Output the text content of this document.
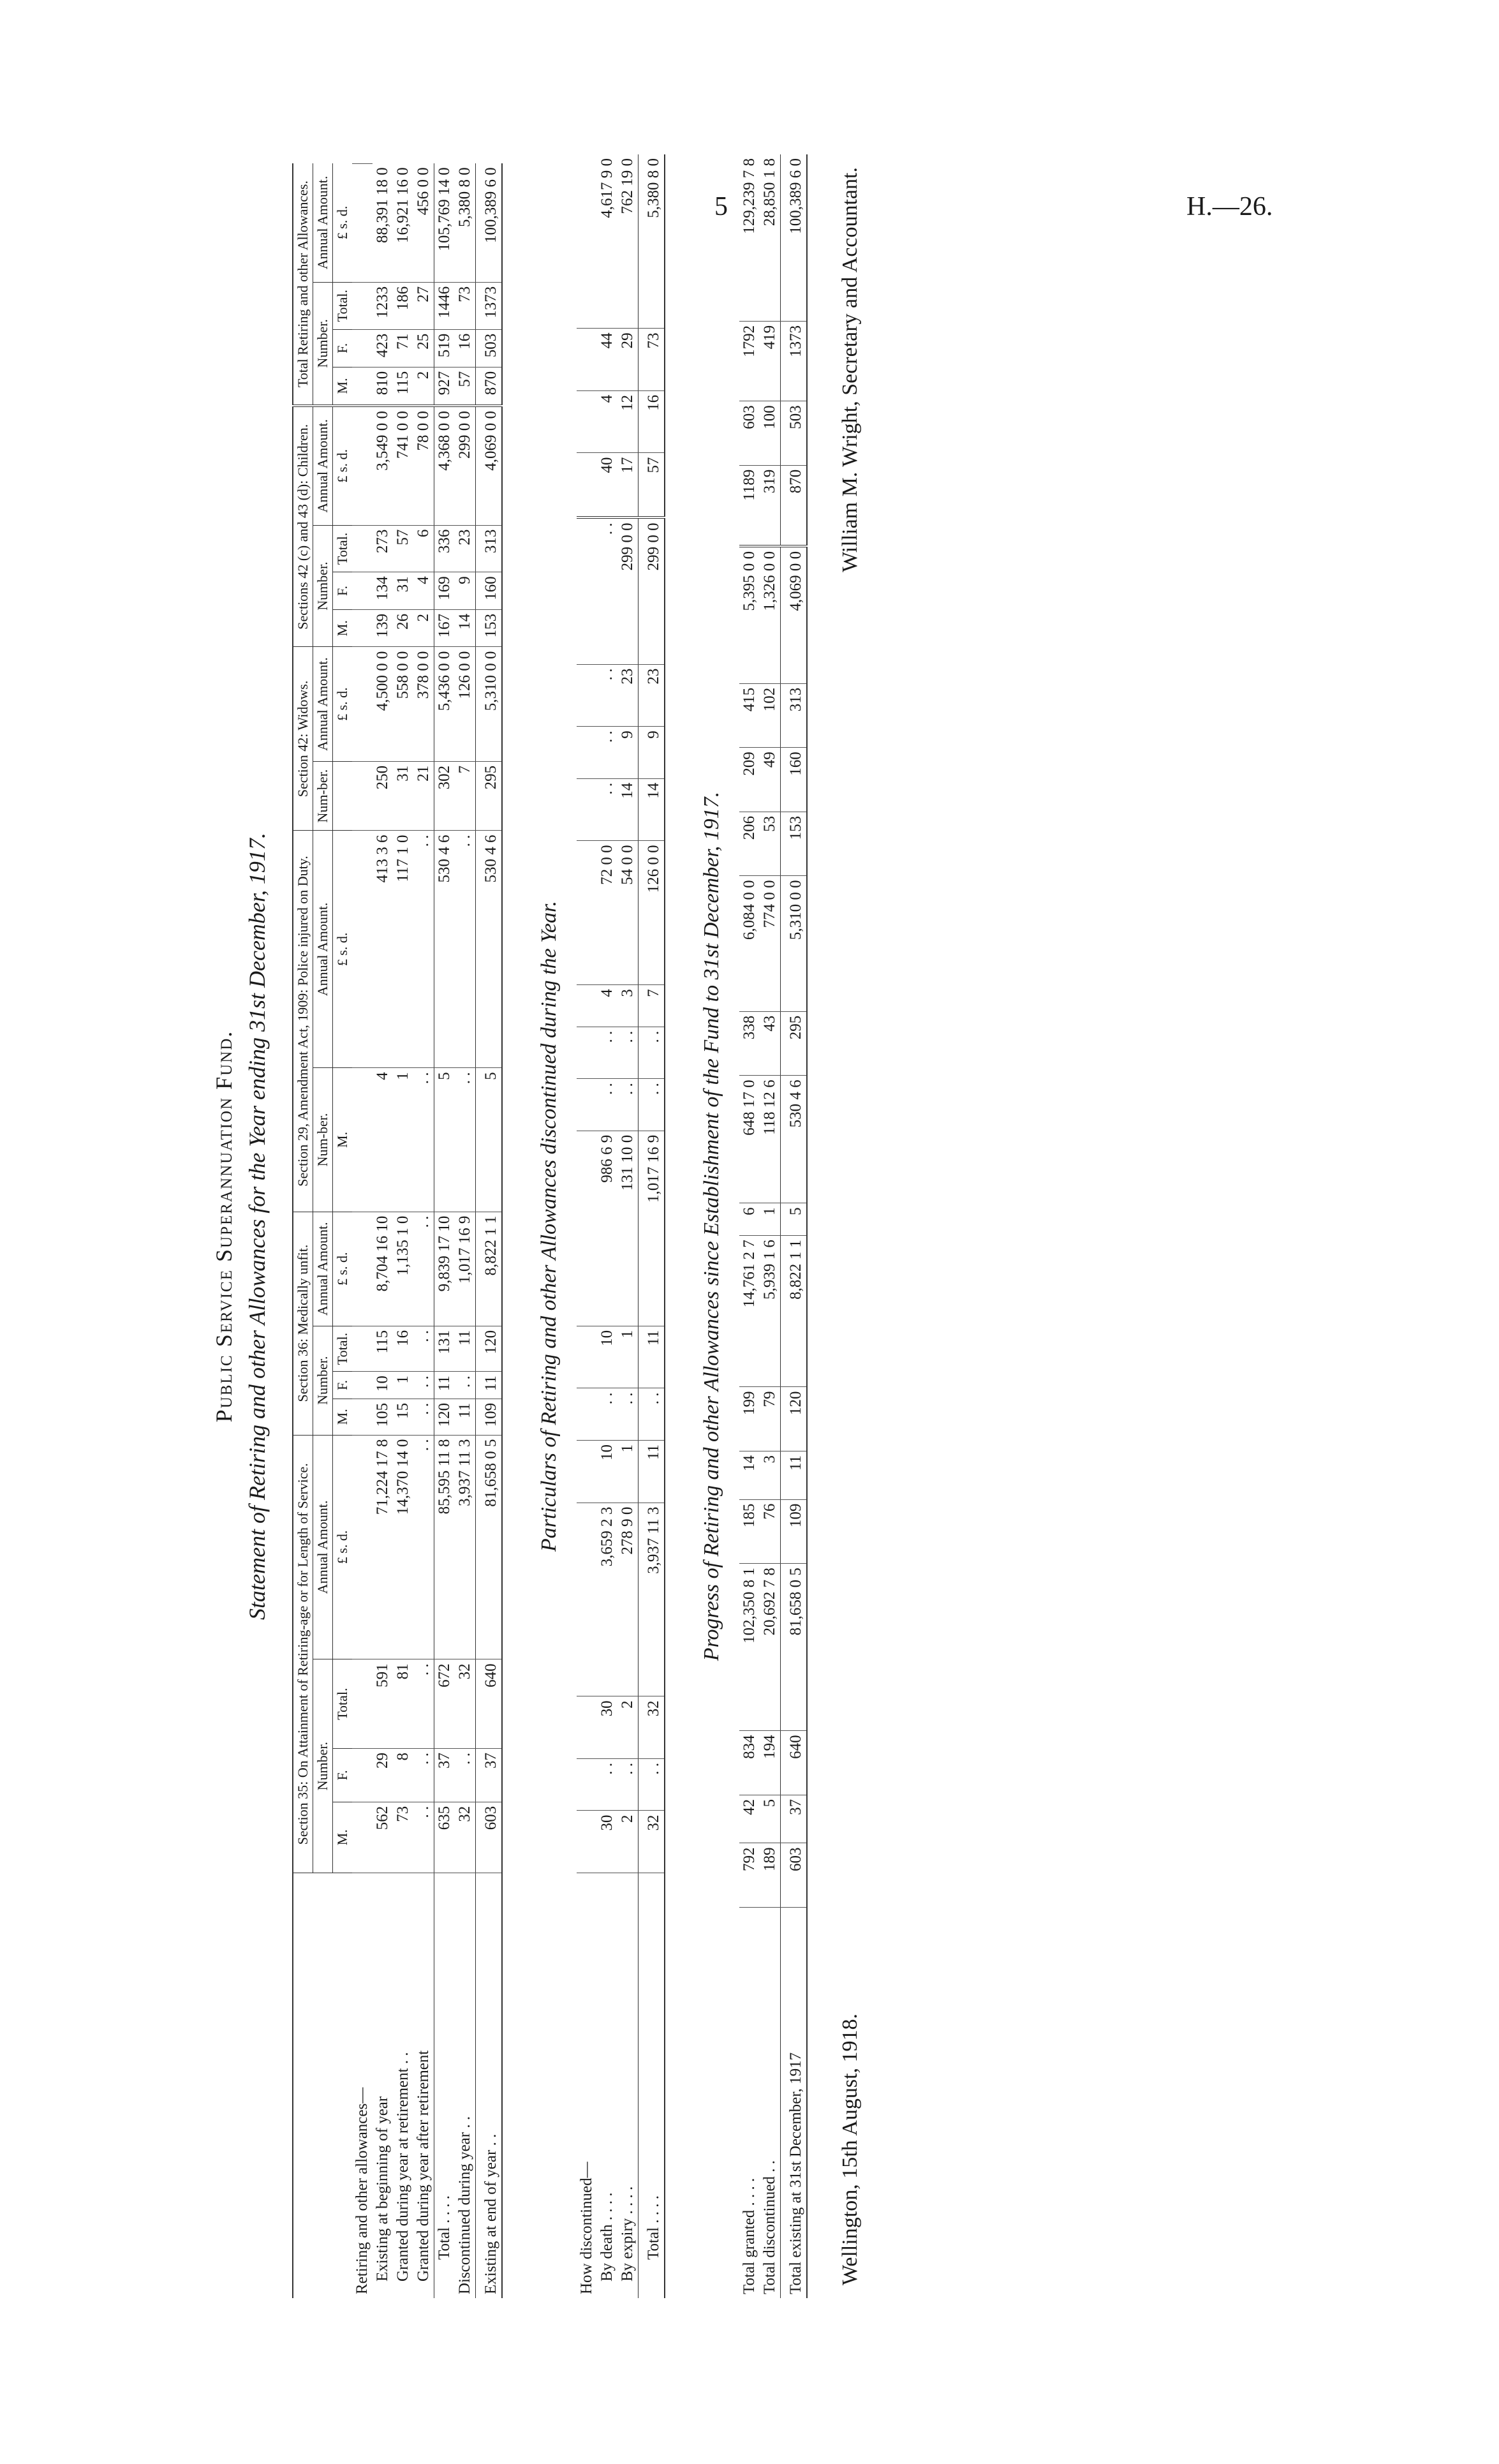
5	H.—26.
Public Service Superannuation Fund. Statement of Retiring and other Allowances for the Year ending 31st December, 1917.
	Section 35: On Attainment of Retiring-age or for Length of Service.				Section 36: Medically unfit.				Section 29, Amendment Act, 1909: Police injured on Duty.		Section 42: Widows.		Sections 42 (c) and 43 (d): Children.				Total Retiring and other Allowances.				
	Number.			Annual Amount.	Number.			Annual Amount.	Num-ber.	Annual Amount.	Num-ber.	Annual Amount.	Number.			Annual Amount.	Number.			Annual Amount.	
	M.	F.	Total.	£ s. d.	M.	F.	Total.	£ s. d.	M.	£ s. d.		£ s. d.	M.	F.	Total.	£ s. d.	M.	F.	Total.	£ s. d.	
Retiring and other allowances—																					
Existing at beginning of year	562	29	591	71,224 17 8	105	10	115	8,704 16 10	4	413 3 6	250	4,500 0 0	139	134	273	3,549 0 0	810	423	1233	88,391 18 0	
Granted during year at retirement . .	73	8	81	14,370 14 0	15	1	16	1,135 1 0	1	117 1 0	31	558 0 0	26	31	57	741 0 0	115	71	186	16,921 16 0	
Granted during year after retirement	. .	. .	. .	. .	. .	. .	. .	. .	. .	. .	21	378 0 0	2	4	6	78 0 0	2	25	27	456 0 0	
Total . . . .	635	37	672	85,595 11 8	120	11	131	9,839 17 10	5	530 4 6	302	5,436 0 0	167	169	336	4,368 0 0	927	519	1446	105,769 14 0	
Discontinued during year . .	32	. .	32	3,937 11 3	11	. .	11	1,017 16 9	. .	. .	7	126 0 0	14	9	23	299 0 0	57	16	73	5,380 8 0	
Existing at end of year . .	603	37	640	81,658 0 5	109	11	120	8,822 1 1	5	530 4 6	295	5,310 0 0	153	160	313	4,069 0 0	870	503	1373	100,389 6 0	
Particulars of Retiring and other Allowances discontinued during the Year.
How discontinued—																				
By death . . . .	30	. .	30	3,659 2 3	10	. .	10	986 6 9	. .	. .	4	72 0 0	. .	. .	. .	. .	40	4	44	4,617 9 0
By expiry . . . .	2	. .	2	278 9 0	1	. .	1	131 10 0	. .	. .	3	54 0 0	14	9	23	299 0 0	17	12	29	762 19 0
Total . . . .	32	. .	32	3,937 11 3	11	. .	11	1,017 16 9	. .	. .	7	126 0 0	14	9	23	299 0 0	57	16	73	5,380 8 0
Progress of Retiring and other Allowances since Establishment of the Fund to 31st December, 1917.
Total granted . . . .	792	42	834	102,350 8 1	185	14	199	14,761 2 7	6	648 17 0	338	6,084 0 0	206	209	415	5,395 0 0	1189	603	1792	129,239 7 8
Total discontinued . .	189	5	194	20,692 7 8	76	3	79	5,939 1 6	1	118 12 6	43	774 0 0	53	49	102	1,326 0 0	319	100	419	28,850 1 8
Total existing at 31st December, 1917	603	37	640	81,658 0 5	109	11	120	8,822 1 1	5	530 4 6	295	5,310 0 0	153	160	313	4,069 0 0	870	503	1373	100,389 6 0
Wellington, 15th August, 1918.
William M. Wright, Secretary and Accountant.
